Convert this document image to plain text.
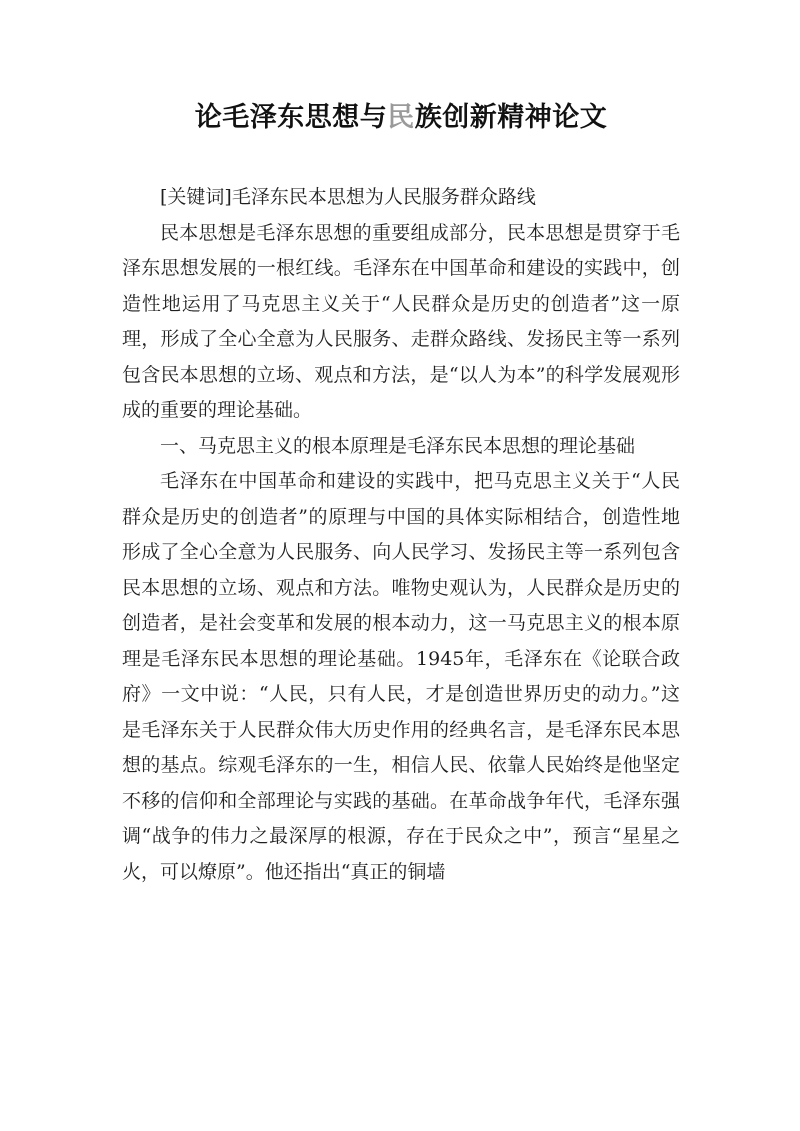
论毛泽东思想与民族创新精神论文

[关键词]毛泽东民本思想为人民服务群众路线

民本思想是毛泽东思想的重要组成部分，民本思想是贯穿于毛泽东思想发展的一根红线。毛泽东在中国革命和建设的实践中，创造性地运用了马克思主义关于“人民群众是历史的创造者”这一原理，形成了全心全意为人民服务、走群众路线、发扬民主等一系列包含民本思想的立场、观点和方法，是“以人为本”的科学发展观形成的重要的理论基础。

一、马克思主义的根本原理是毛泽东民本思想的理论基础

毛泽东在中国革命和建设的实践中，把马克思主义关于“人民群众是历史的创造者”的原理与中国的具体实际相结合，创造性地形成了全心全意为人民服务、向人民学习、发扬民主等一系列包含民本思想的立场、观点和方法。唯物史观认为，人民群众是历史的创造者，是社会变革和发展的根本动力，这一马克思主义的根本原理是毛泽东民本思想的理论基础。1945年，毛泽东在《论联合政府》一文中说：“人民，只有人民，才是创造世界历史的动力。”这是毛泽东关于人民群众伟大历史作用的经典名言，是毛泽东民本思想的基点。综观毛泽东的一生，相信人民、依靠人民始终是他坚定不移的信仰和全部理论与实践的基础。在革命战争年代，毛泽东强调“战争的伟力之最深厚的根源，存在于民众之中”，预言“星星之火，可以燎原”。他还指出“真正的铜墙
